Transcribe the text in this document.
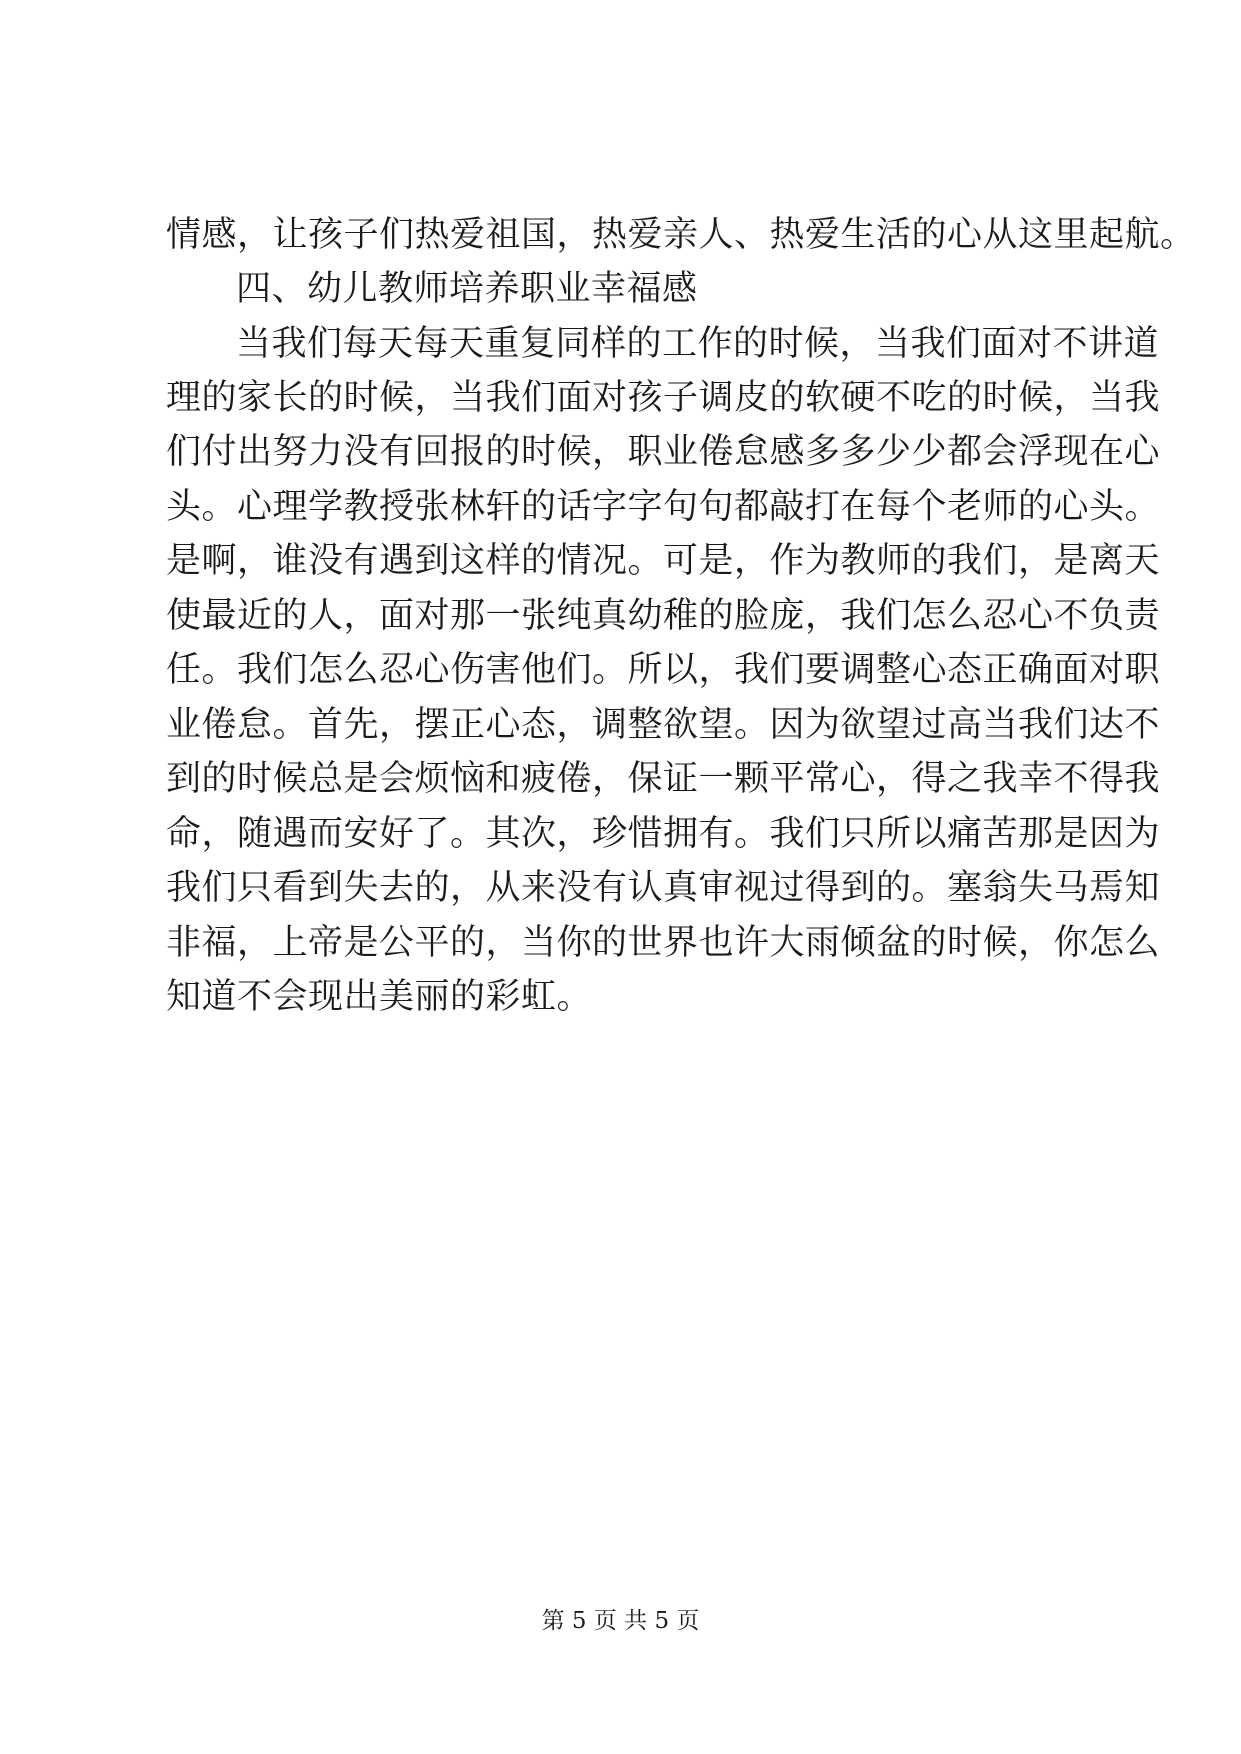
情感，让孩子们热爱祖国，热爱亲人、热爱生活的心从这里起航。
四、幼儿教师培养职业幸福感
当我们每天每天重复同样的工作的时候，当我们面对不讲道
理的家长的时候，当我们面对孩子调皮的软硬不吃的时候，当我
们付出努力没有回报的时候，职业倦怠感多多少少都会浮现在心
头。心理学教授张林轩的话字字句句都敲打在每个老师的心头。
是啊，谁没有遇到这样的情况。可是，作为教师的我们，是离天
使最近的人，面对那一张纯真幼稚的脸庞，我们怎么忍心不负责
任。我们怎么忍心伤害他们。所以，我们要调整心态正确面对职
业倦怠。首先，摆正心态，调整欲望。因为欲望过高当我们达不
到的时候总是会烦恼和疲倦，保证一颗平常心，得之我幸不得我
命，随遇而安好了。其次，珍惜拥有。我们只所以痛苦那是因为
我们只看到失去的，从来没有认真审视过得到的。塞翁失马焉知
非福，上帝是公平的，当你的世界也许大雨倾盆的时候，你怎么
知道不会现出美丽的彩虹。
第 5 页 共 5 页
